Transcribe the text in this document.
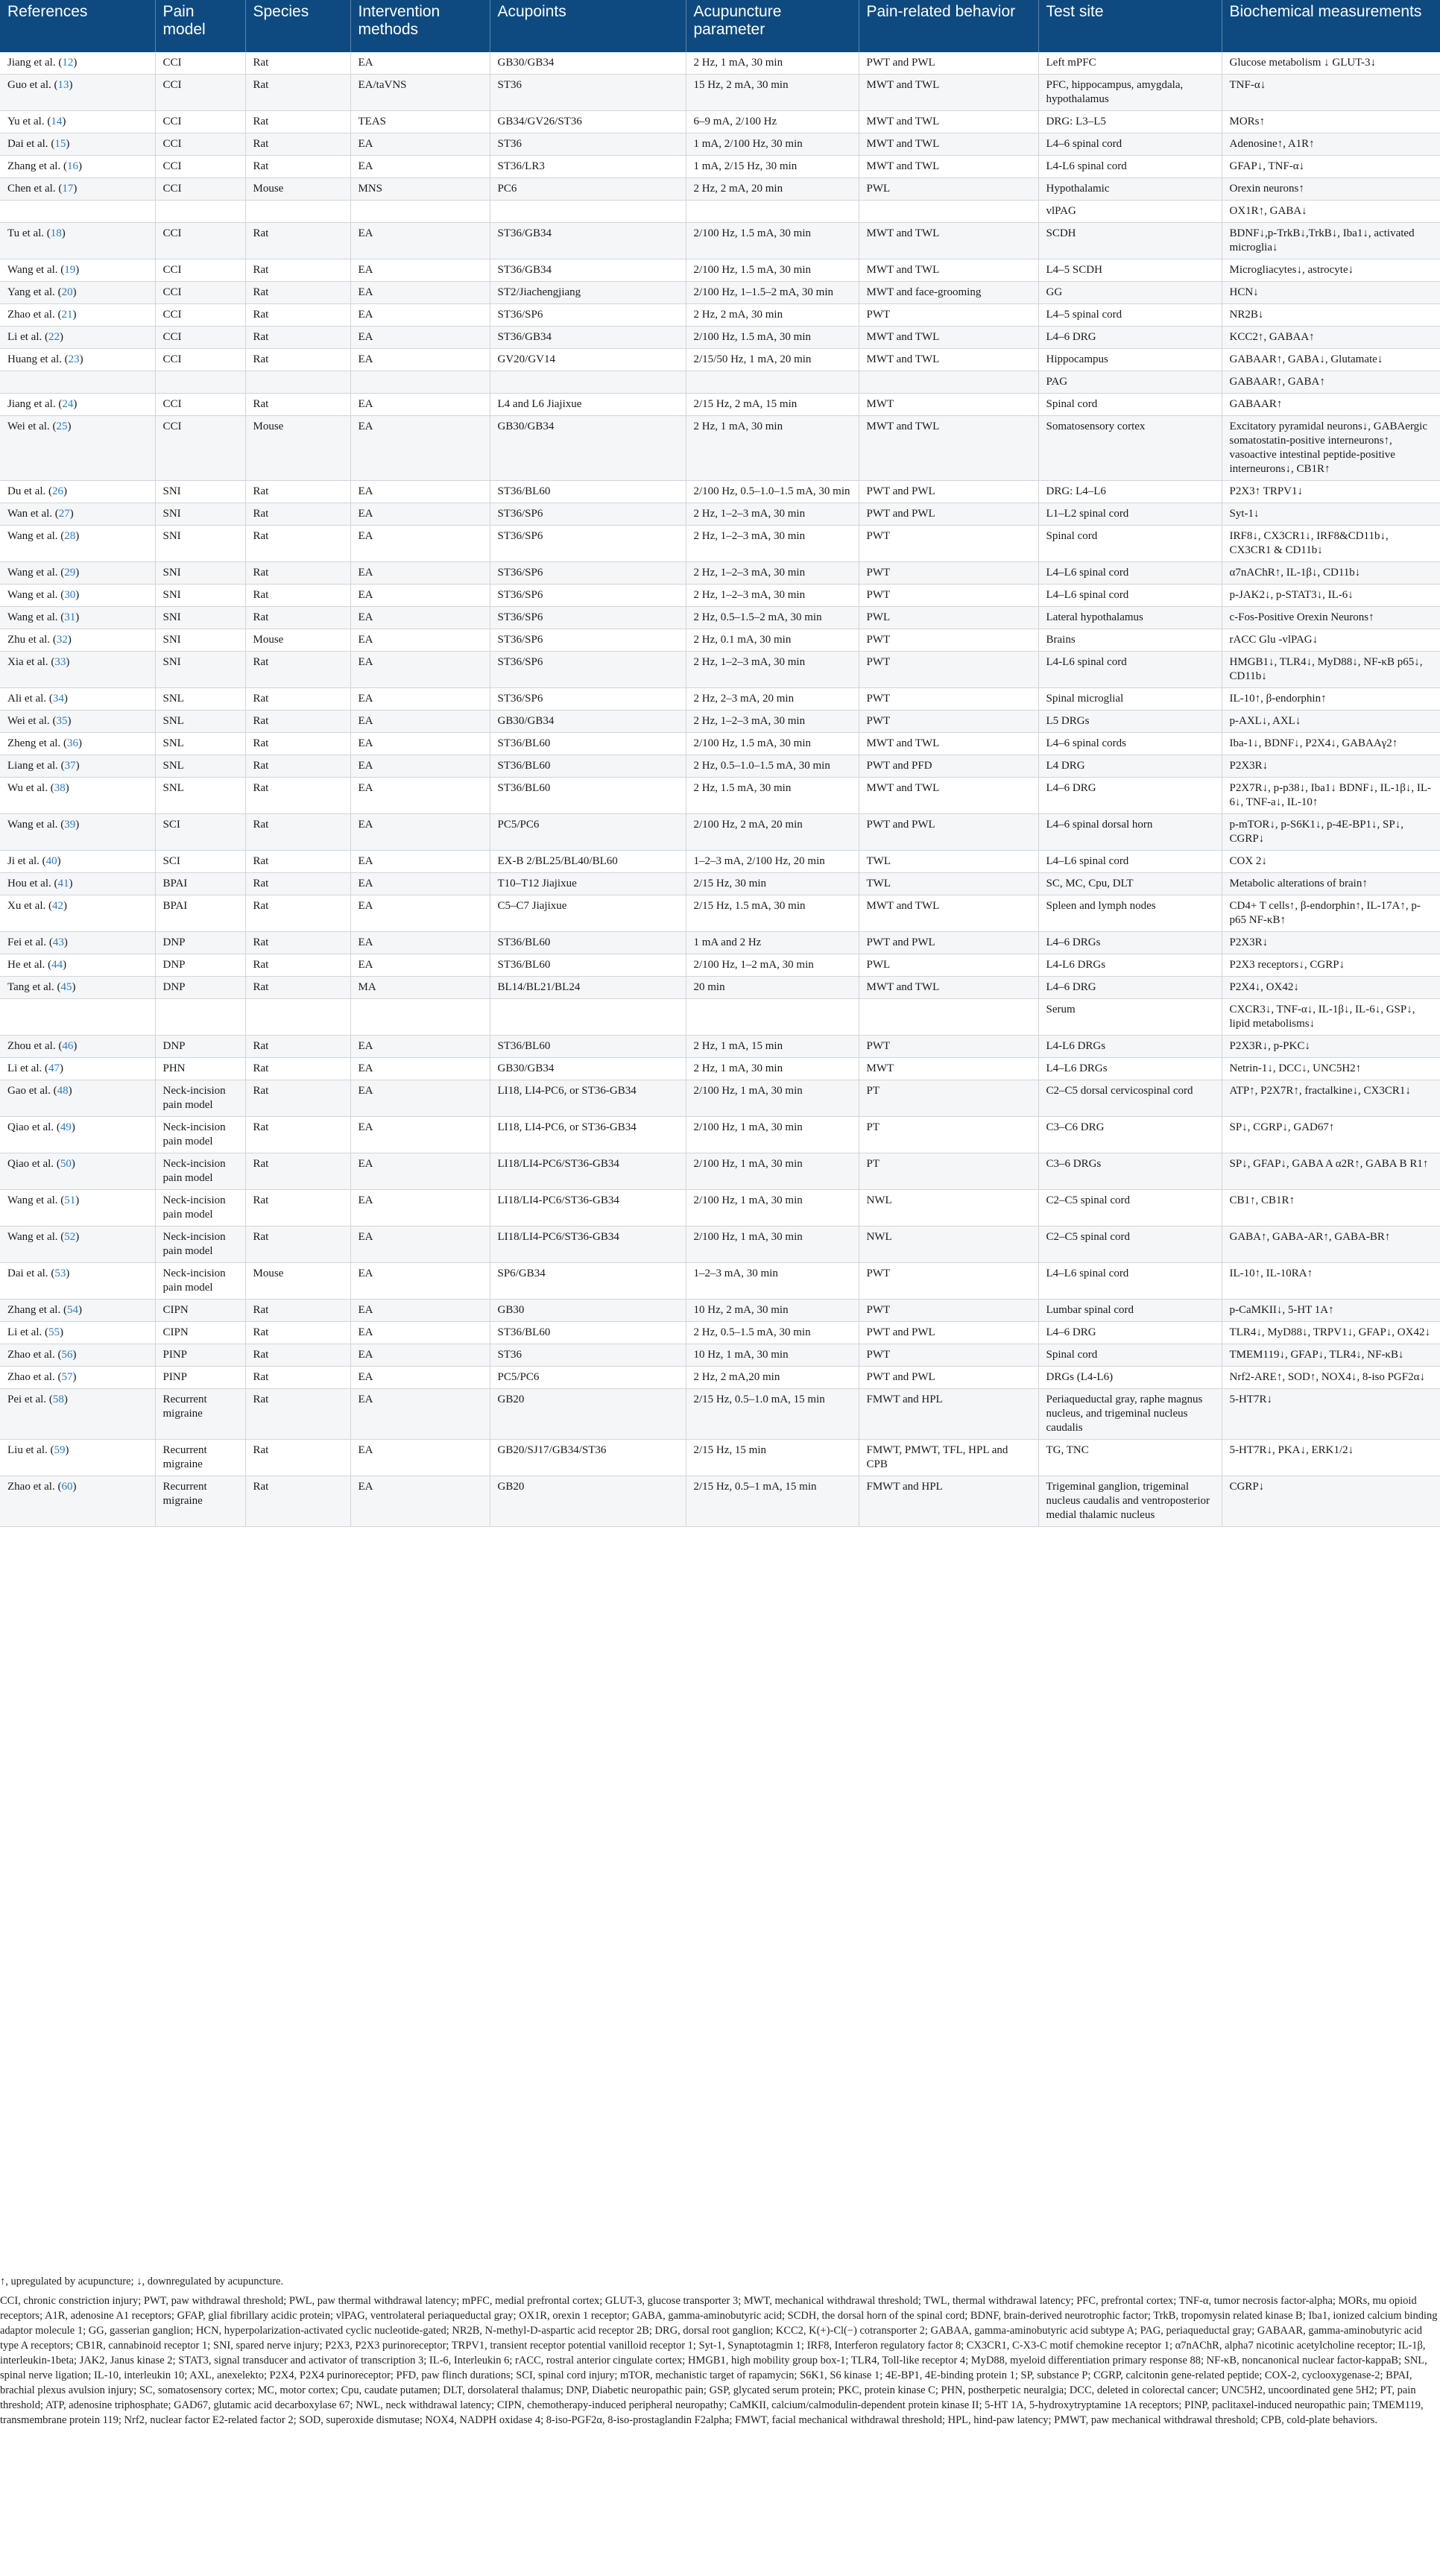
References	Pain model	Species	Intervention methods	Acupoints	Acupuncture parameter	Pain-related behavior	Test site	Biochemical measurements
Jiang et al. (12)	CCI	Rat	EA	GB30/GB34	2 Hz, 1 mA, 30 min	PWT and PWL	Left mPFC	Glucose metabolism ↓ GLUT-3↓
Guo et al. (13)	CCI	Rat	EA/taVNS	ST36	15 Hz, 2 mA, 30 min	MWT and TWL	PFC, hippocampus, amygdala, hypothalamus	TNF-α↓
Yu et al. (14)	CCI	Rat	TEAS	GB34/GV26/ST36	6–9 mA, 2/100 Hz	MWT and TWL	DRG: L3–L5	MORs↑
Dai et al. (15)	CCI	Rat	EA	ST36	1 mA, 2/100 Hz, 30 min	MWT and TWL	L4–6 spinal cord	Adenosine↑, A1R↑
Zhang et al. (16)	CCI	Rat	EA	ST36/LR3	1 mA, 2/15 Hz, 30 min	MWT and TWL	L4-L6 spinal cord	GFAP↓, TNF-α↓
Chen et al. (17)	CCI	Mouse	MNS	PC6	2 Hz, 2 mA, 20 min	PWL	Hypothalamic	Orexin neurons↑
							vlPAG	OX1R↑, GABA↓
Tu et al. (18)	CCI	Rat	EA	ST36/GB34	2/100 Hz, 1.5 mA, 30 min	MWT and TWL	SCDH	BDNF↓,p-TrkB↓,TrkB↓, Iba1↓, activated microglia↓
Wang et al. (19)	CCI	Rat	EA	ST36/GB34	2/100 Hz, 1.5 mA, 30 min	MWT and TWL	L4–5 SCDH	Microgliacytes↓, astrocyte↓
Yang et al. (20)	CCI	Rat	EA	ST2/Jiachengjiang	2/100 Hz, 1–1.5–2 mA, 30 min	MWT and face-grooming	GG	HCN↓
Zhao et al. (21)	CCI	Rat	EA	ST36/SP6	2 Hz, 2 mA, 30 min	PWT	L4–5 spinal cord	NR2B↓
Li et al. (22)	CCI	Rat	EA	ST36/GB34	2/100 Hz, 1.5 mA, 30 min	MWT and TWL	L4–6 DRG	KCC2↑, GABAA↑
Huang et al. (23)	CCI	Rat	EA	GV20/GV14	2/15/50 Hz, 1 mA, 20 min	MWT and TWL	Hippocampus	GABAAR↑, GABA↓, Glutamate↓
							PAG	GABAAR↑, GABA↑
Jiang et al. (24)	CCI	Rat	EA	L4 and L6 Jiajixue	2/15 Hz, 2 mA, 15 min	MWT	Spinal cord	GABAAR↑
Wei et al. (25)	CCI	Mouse	EA	GB30/GB34	2 Hz, 1 mA, 30 min	MWT and TWL	Somatosensory cortex	Excitatory pyramidal neurons↓, GABAergic somatostatin-positive interneurons↑, vasoactive intestinal peptide-positive interneurons↓, CB1R↑
Du et al. (26)	SNI	Rat	EA	ST36/BL60	2/100 Hz, 0.5–1.0–1.5 mA, 30 min	PWT and PWL	DRG: L4–L6	P2X3↑ TRPV1↓
Wan et al. (27)	SNI	Rat	EA	ST36/SP6	2 Hz, 1–2–3 mA, 30 min	PWT and PWL	L1–L2 spinal cord	Syt-1↓
Wang et al. (28)	SNI	Rat	EA	ST36/SP6	2 Hz, 1–2–3 mA, 30 min	PWT	Spinal cord	IRF8↓, CX3CR1↓, IRF8&CD11b↓, CX3CR1 & CD11b↓
Wang et al. (29)	SNI	Rat	EA	ST36/SP6	2 Hz, 1–2–3 mA, 30 min	PWT	L4–L6 spinal cord	α7nAChR↑, IL-1β↓, CD11b↓
Wang et al. (30)	SNI	Rat	EA	ST36/SP6	2 Hz, 1–2–3 mA, 30 min	PWT	L4–L6 spinal cord	p-JAK2↓, p-STAT3↓, IL-6↓
Wang et al. (31)	SNI	Rat	EA	ST36/SP6	2 Hz, 0.5–1.5–2 mA, 30 min	PWL	Lateral hypothalamus	c-Fos-Positive Orexin Neurons↑
Zhu et al. (32)	SNI	Mouse	EA	ST36/SP6	2 Hz, 0.1 mA, 30 min	PWT	Brains	rACC Glu -vlPAG↓
Xia et al. (33)	SNI	Rat	EA	ST36/SP6	2 Hz, 1–2–3 mA, 30 min	PWT	L4-L6 spinal cord	HMGB1↓, TLR4↓, MyD88↓, NF-κB p65↓, CD11b↓
Ali et al. (34)	SNL	Rat	EA	ST36/SP6	2 Hz, 2–3 mA, 20 min	PWT	Spinal microglial	IL-10↑, β-endorphin↑
Wei et al. (35)	SNL	Rat	EA	GB30/GB34	2 Hz, 1–2–3 mA, 30 min	PWT	L5 DRGs	p-AXL↓, AXL↓
Zheng et al. (36)	SNL	Rat	EA	ST36/BL60	2/100 Hz, 1.5 mA, 30 min	MWT and TWL	L4–6 spinal cords	Iba-1↓, BDNF↓, P2X4↓, GABAAγ2↑
Liang et al. (37)	SNL	Rat	EA	ST36/BL60	2 Hz, 0.5–1.0–1.5 mA, 30 min	PWT and PFD	L4 DRG	P2X3R↓
Wu et al. (38)	SNL	Rat	EA	ST36/BL60	2 Hz, 1.5 mA, 30 min	MWT and TWL	L4–6 DRG	P2X7R↓, p-p38↓, Iba1↓ BDNF↓, IL-1β↓, IL-6↓, TNF-a↓, IL-10↑
Wang et al. (39)	SCI	Rat	EA	PC5/PC6	2/100 Hz, 2 mA, 20 min	PWT and PWL	L4–6 spinal dorsal horn	p-mTOR↓, p-S6K1↓, p-4E-BP1↓, SP↓, CGRP↓
Ji et al. (40)	SCI	Rat	EA	EX-B 2/BL25/BL40/BL60	1–2–3 mA, 2/100 Hz, 20 min	TWL	L4–L6 spinal cord	COX 2↓
Hou et al. (41)	BPAI	Rat	EA	T10–T12 Jiajixue	2/15 Hz, 30 min	TWL	SC, MC, Cpu, DLT	Metabolic alterations of brain↑
Xu et al. (42)	BPAI	Rat	EA	C5–C7 Jiajixue	2/15 Hz, 1.5 mA, 30 min	MWT and TWL	Spleen and lymph nodes	CD4+ T cells↑, β-endorphin↑, IL-17A↑, p-p65 NF-κB↑
Fei et al. (43)	DNP	Rat	EA	ST36/BL60	1 mA and 2 Hz	PWT and PWL	L4–6 DRGs	P2X3R↓
He et al. (44)	DNP	Rat	EA	ST36/BL60	2/100 Hz, 1–2 mA, 30 min	PWL	L4-L6 DRGs	P2X3 receptors↓, CGRP↓
Tang et al. (45)	DNP	Rat	MA	BL14/BL21/BL24	20 min	MWT and TWL	L4–6 DRG	P2X4↓, OX42↓
							Serum	CXCR3↓, TNF-α↓, IL-1β↓, IL-6↓, GSP↓, lipid metabolisms↓
Zhou et al. (46)	DNP	Rat	EA	ST36/BL60	2 Hz, 1 mA, 15 min	PWT	L4-L6 DRGs	P2X3R↓, p-PKC↓
Li et al. (47)	PHN	Rat	EA	GB30/GB34	2 Hz, 1 mA, 30 min	MWT	L4–L6 DRGs	Netrin-1↓, DCC↓, UNC5H2↑
Gao et al. (48)	Neck-incision pain model	Rat	EA	LI18, LI4-PC6, or ST36-GB34	2/100 Hz, 1 mA, 30 min	PT	C2–C5 dorsal cervicospinal cord	ATP↑, P2X7R↑, fractalkine↓, CX3CR1↓
Qiao et al. (49)	Neck-incision pain model	Rat	EA	LI18, LI4-PC6, or ST36-GB34	2/100 Hz, 1 mA, 30 min	PT	C3–C6 DRG	SP↓, CGRP↓, GAD67↑
Qiao et al. (50)	Neck-incision pain model	Rat	EA	LI18/LI4-PC6/ST36-GB34	2/100 Hz, 1 mA, 30 min	PT	C3–6 DRGs	SP↓, GFAP↓, GABA A α2R↑, GABA B R1↑
Wang et al. (51)	Neck-incision pain model	Rat	EA	LI18/LI4-PC6/ST36-GB34	2/100 Hz, 1 mA, 30 min	NWL	C2–C5 spinal cord	CB1↑, CB1R↑
Wang et al. (52)	Neck-incision pain model	Rat	EA	LI18/LI4-PC6/ST36-GB34	2/100 Hz, 1 mA, 30 min	NWL	C2–C5 spinal cord	GABA↑, GABA-AR↑, GABA-BR↑
Dai et al. (53)	Neck-incision pain model	Mouse	EA	SP6/GB34	1–2–3 mA, 30 min	PWT	L4–L6 spinal cord	IL-10↑, IL-10RA↑
Zhang et al. (54)	CIPN	Rat	EA	GB30	10 Hz, 2 mA, 30 min	PWT	Lumbar spinal cord	p-CaMKII↓, 5-HT 1A↑
Li et al. (55)	CIPN	Rat	EA	ST36/BL60	2 Hz, 0.5–1.5 mA, 30 min	PWT and PWL	L4–6 DRG	TLR4↓, MyD88↓, TRPV1↓, GFAP↓, OX42↓
Zhao et al. (56)	PINP	Rat	EA	ST36	10 Hz, 1 mA, 30 min	PWT	Spinal cord	TMEM119↓, GFAP↓, TLR4↓, NF-κB↓
Zhao et al. (57)	PINP	Rat	EA	PC5/PC6	2 Hz, 2 mA,20 min	PWT and PWL	DRGs (L4-L6)	Nrf2-ARE↑, SOD↑, NOX4↓, 8-iso PGF2α↓
Pei et al. (58)	Recurrent migraine	Rat	EA	GB20	2/15 Hz, 0.5–1.0 mA, 15 min	FMWT and HPL	Periaqueductal gray, raphe magnus nucleus, and trigeminal nucleus caudalis	5-HT7R↓
Liu et al. (59)	Recurrent migraine	Rat	EA	GB20/SJ17/GB34/ST36	2/15 Hz, 15 min	FMWT, PMWT, TFL, HPL and CPB	TG, TNC	5-HT7R↓, PKA↓, ERK1/2↓
Zhao et al. (60)	Recurrent migraine	Rat	EA	GB20	2/15 Hz, 0.5–1 mA, 15 min	FMWT and HPL	Trigeminal ganglion, trigeminal nucleus caudalis and ventroposterior medial thalamic nucleus	CGRP↓

↑, upregulated by acupuncture; ↓, downregulated by acupuncture.

CCI, chronic constriction injury; PWT, paw withdrawal threshold; PWL, paw thermal withdrawal latency; mPFC, medial prefrontal cortex; GLUT-3, glucose transporter 3; MWT, mechanical withdrawal threshold; TWL, thermal withdrawal latency; PFC, prefrontal cortex; TNF-α, tumor necrosis factor-alpha; MORs, mu opioid receptors; A1R, adenosine A1 receptors; GFAP, glial fibrillary acidic protein; vlPAG, ventrolateral periaqueductal gray; OX1R, orexin 1 receptor; GABA, gamma-aminobutyric acid; SCDH, the dorsal horn of the spinal cord; BDNF, brain-derived neurotrophic factor; TrkB, tropomysin related kinase B; Iba1, ionized calcium binding adaptor molecule 1; GG, gasserian ganglion; HCN, hyperpolarization-activated cyclic nucleotide-gated; NR2B, N-methyl-D-aspartic acid receptor 2B; DRG, dorsal root ganglion; KCC2, K(+)-Cl(−) cotransporter 2; GABAA, gamma-aminobutyric acid subtype A; PAG, periaqueductal gray; GABAAR, gamma-aminobutyric acid type A receptors; CB1R, cannabinoid receptor 1; SNI, spared nerve injury; P2X3, P2X3 purinoreceptor; TRPV1, transient receptor potential vanilloid receptor 1; Syt-1, Synaptotagmin 1; IRF8, Interferon regulatory factor 8; CX3CR1, C-X3-C motif chemokine receptor 1; α7nAChR, alpha7 nicotinic acetylcholine receptor; IL-1β, interleukin-1beta; JAK2, Janus kinase 2; STAT3, signal transducer and activator of transcription 3; IL-6, Interleukin 6; rACC, rostral anterior cingulate cortex; HMGB1, high mobility group box-1; TLR4, Toll-like receptor 4; MyD88, myeloid differentiation primary response 88; NF-κB, noncanonical nuclear factor-kappaB; SNL, spinal nerve ligation; IL-10, interleukin 10; AXL, anexelekto; P2X4, P2X4 purinoreceptor; PFD, paw flinch durations; SCI, spinal cord injury; mTOR, mechanistic target of rapamycin; S6K1, S6 kinase 1; 4E-BP1, 4E-binding protein 1; SP, substance P; CGRP, calcitonin gene-related peptide; COX-2, cyclooxygenase-2; BPAI, brachial plexus avulsion injury; SC, somatosensory cortex; MC, motor cortex; Cpu, caudate putamen; DLT, dorsolateral thalamus; DNP, Diabetic neuropathic pain; GSP, glycated serum protein; PKC, protein kinase C; PHN, postherpetic neuralgia; DCC, deleted in colorectal cancer; UNC5H2, uncoordinated gene 5H2; PT, pain threshold; ATP, adenosine triphosphate; GAD67, glutamic acid decarboxylase 67; NWL, neck withdrawal latency; CIPN, chemotherapy-induced peripheral neuropathy; CaMKII, calcium/calmodulin-dependent protein kinase II; 5-HT 1A, 5-hydroxytryptamine 1A receptors; PINP, paclitaxel-induced neuropathic pain; TMEM119, transmembrane protein 119; Nrf2, nuclear factor E2-related factor 2; SOD, superoxide dismutase; NOX4, NADPH oxidase 4; 8-iso-PGF2α, 8-iso-prostaglandin F2alpha; FMWT, facial mechanical withdrawal threshold; HPL, hind-paw latency; PMWT, paw mechanical withdrawal threshold; CPB, cold-plate behaviors.
